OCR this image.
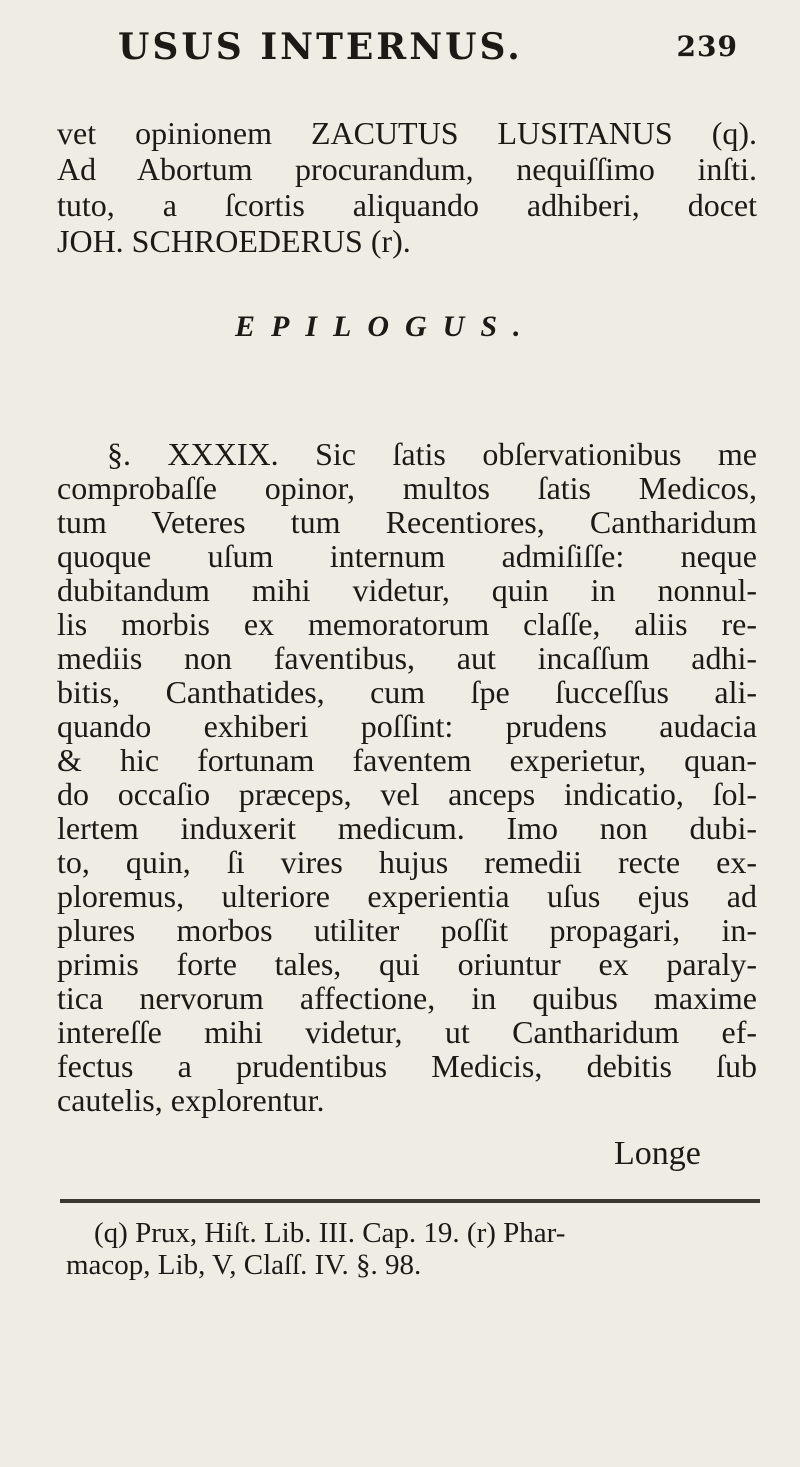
USUS INTERNUS.	239
vet opinionem ZACUTUS LUSITANUS (q).
Ad Abortum procurandum, nequiſſimo inſti.
tuto, a ſcortis aliquando adhiberi, docet
JOH. SCHROEDERUS (r).
EPILOGUS.
§. XXXIX. Sic ſatis obſervationibus me
comprobaſſe opinor, multos ſatis Medicos,
tum Veteres tum Recentiores, Cantharidum
quoque uſum internum admiſiſſe: neque
dubitandum mihi videtur, quin in nonnul-
lis morbis ex memoratorum claſſe, aliis re-
mediis non faventibus, aut incaſſum adhi-
bitis, Canthatides, cum ſpe ſucceſſus ali-
quando exhiberi poſſint: prudens audacia
& hic fortunam faventem experietur, quan-
do occaſio præceps, vel anceps indicatio, ſol-
lertem induxerit medicum. Imo non dubi-
to, quin, ſi vires hujus remedii recte ex-
ploremus, ulteriore experientia uſus ejus ad
plures morbos utiliter poſſit propagari, in-
primis forte tales, qui oriuntur ex paraly-
tica nervorum affectione, in quibus maxime
intereſſe mihi videtur, ut Cantharidum ef-
fectus a prudentibus Medicis, debitis ſub
cautelis, explorentur.
Longe
(q) Prux, Hiſt. Lib. III. Cap. 19. (r) Phar-
macop, Lib, V, Claſſ. IV. §. 98.
